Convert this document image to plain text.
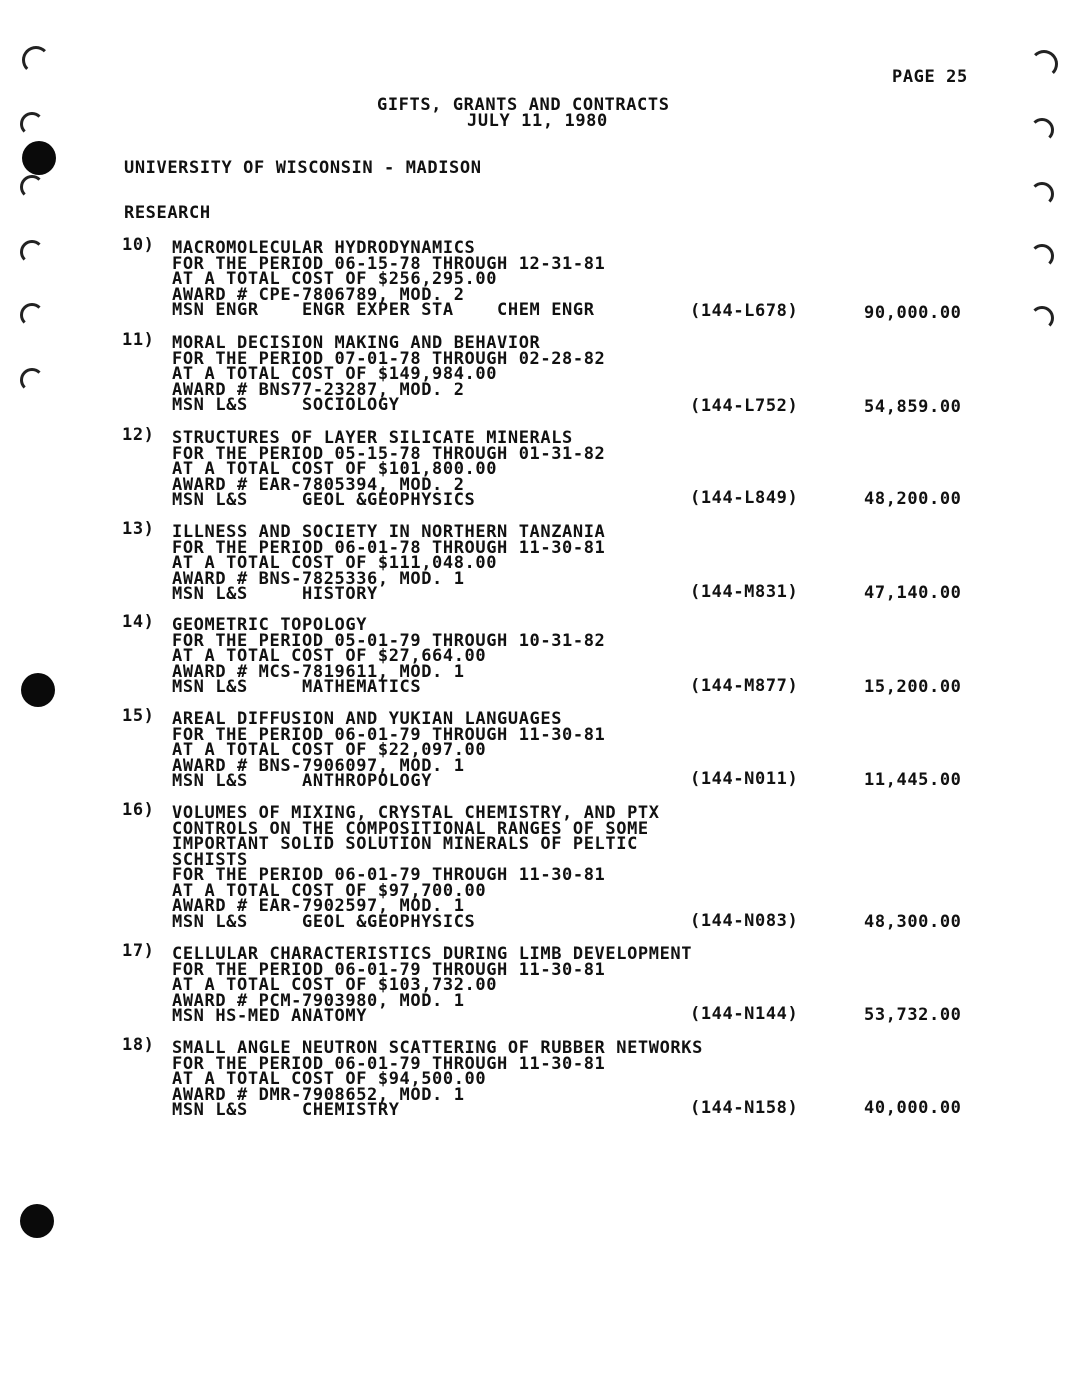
PAGE 25
GIFTS, GRANTS AND CONTRACTS
JULY 11, 1980
UNIVERSITY OF WISCONSIN - MADISON
RESEARCH
10) MACROMOLECULAR HYDRODYNAMICS
FOR THE PERIOD 06-15-78 THROUGH 12-31-81
AT A TOTAL COST OF $256,295.00
AWARD # CPE-7806789, MOD. 2
MSN ENGR    ENGR EXPER STA    CHEM ENGR	(144-L678)	90,000.00
11) MORAL DECISION MAKING AND BEHAVIOR
FOR THE PERIOD 07-01-78 THROUGH 02-28-82
AT A TOTAL COST OF $149,984.00
AWARD # BNS77-23287, MOD. 2
MSN L&S     SOCIOLOGY	(144-L752)	54,859.00
12) STRUCTURES OF LAYER SILICATE MINERALS
FOR THE PERIOD 05-15-78 THROUGH 01-31-82
AT A TOTAL COST OF $101,800.00
AWARD # EAR-7805394, MOD. 2
MSN L&S     GEOL &GEOPHYSICS	(144-L849)	48,200.00
13) ILLNESS AND SOCIETY IN NORTHERN TANZANIA
FOR THE PERIOD 06-01-78 THROUGH 11-30-81
AT A TOTAL COST OF $111,048.00
AWARD # BNS-7825336, MOD. 1
MSN L&S     HISTORY	(144-M831)	47,140.00
14) GEOMETRIC TOPOLOGY
FOR THE PERIOD 05-01-79 THROUGH 10-31-82
AT A TOTAL COST OF $27,664.00
AWARD # MCS-7819611, MOD. 1
MSN L&S     MATHEMATICS	(144-M877)	15,200.00
15) AREAL DIFFUSION AND YUKIAN LANGUAGES
FOR THE PERIOD 06-01-79 THROUGH 11-30-81
AT A TOTAL COST OF $22,097.00
AWARD # BNS-7906097, MOD. 1
MSN L&S     ANTHROPOLOGY	(144-N011)	11,445.00
16) VOLUMES OF MIXING, CRYSTAL CHEMISTRY, AND PTX
CONTROLS ON THE COMPOSITIONAL RANGES OF SOME
IMPORTANT SOLID SOLUTION MINERALS OF PELTIC
SCHISTS
FOR THE PERIOD 06-01-79 THROUGH 11-30-81
AT A TOTAL COST OF $97,700.00
AWARD # EAR-7902597, MOD. 1
MSN L&S     GEOL &GEOPHYSICS	(144-N083)	48,300.00
17) CELLULAR CHARACTERISTICS DURING LIMB DEVELOPMENT
FOR THE PERIOD 06-01-79 THROUGH 11-30-81
AT A TOTAL COST OF $103,732.00
AWARD # PCM-7903980, MOD. 1
MSN HS-MED ANATOMY	(144-N144)	53,732.00
18) SMALL ANGLE NEUTRON SCATTERING OF RUBBER NETWORKS
FOR THE PERIOD 06-01-79 THROUGH 11-30-81
AT A TOTAL COST OF $94,500.00
AWARD # DMR-7908652, MOD. 1
MSN L&S     CHEMISTRY	(144-N158)	40,000.00
